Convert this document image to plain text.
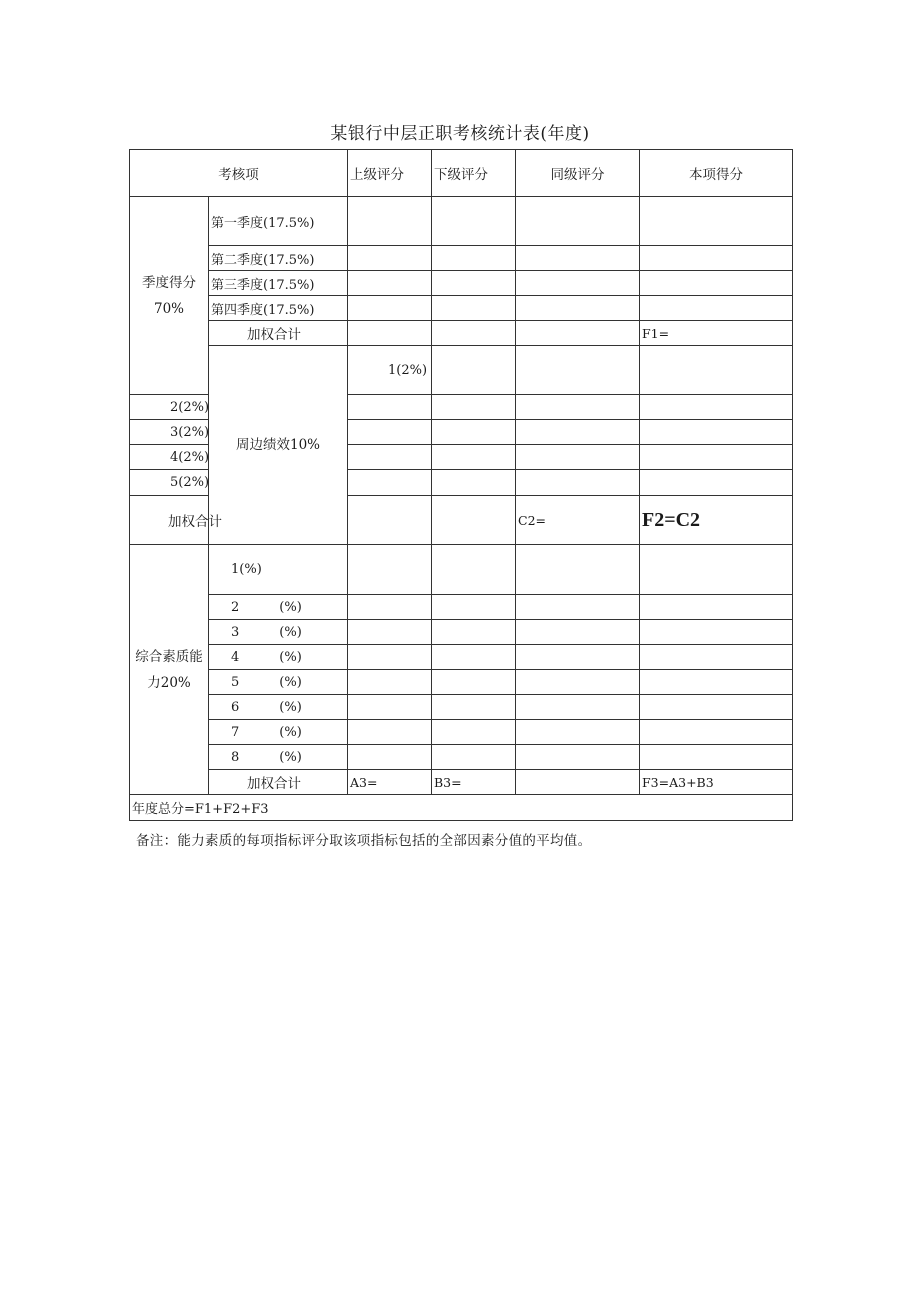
某银行中层正职考核统计表(年度)
考核项		上级评分	下级评分	同级评分	本项得分	
季度得分70%	第一季度(17.5%)					
	第二季度(17.5%)					
	第三季度(17.5%)					
	第四季度(17.5%)					
	加权合计				F1=	
	周边绩效10%	1(2%)				
2(2%)						
3(2%)						
4(2%)						
5(2%)						
加权合计				C2=	F2=C2	
综合素质能力20%	1(%)					
	2 (%)					
	3 (%)					
	4 (%)					
	5 (%)					
	6 (%)					
	7 (%)					
	8 (%)					
	加权合计	A3=	B3=		F3=A3+B3	
年度总分=F1+F2+F3						
备注：能力素质的每项指标评分取该项指标包括的全部因素分值的平均值。
